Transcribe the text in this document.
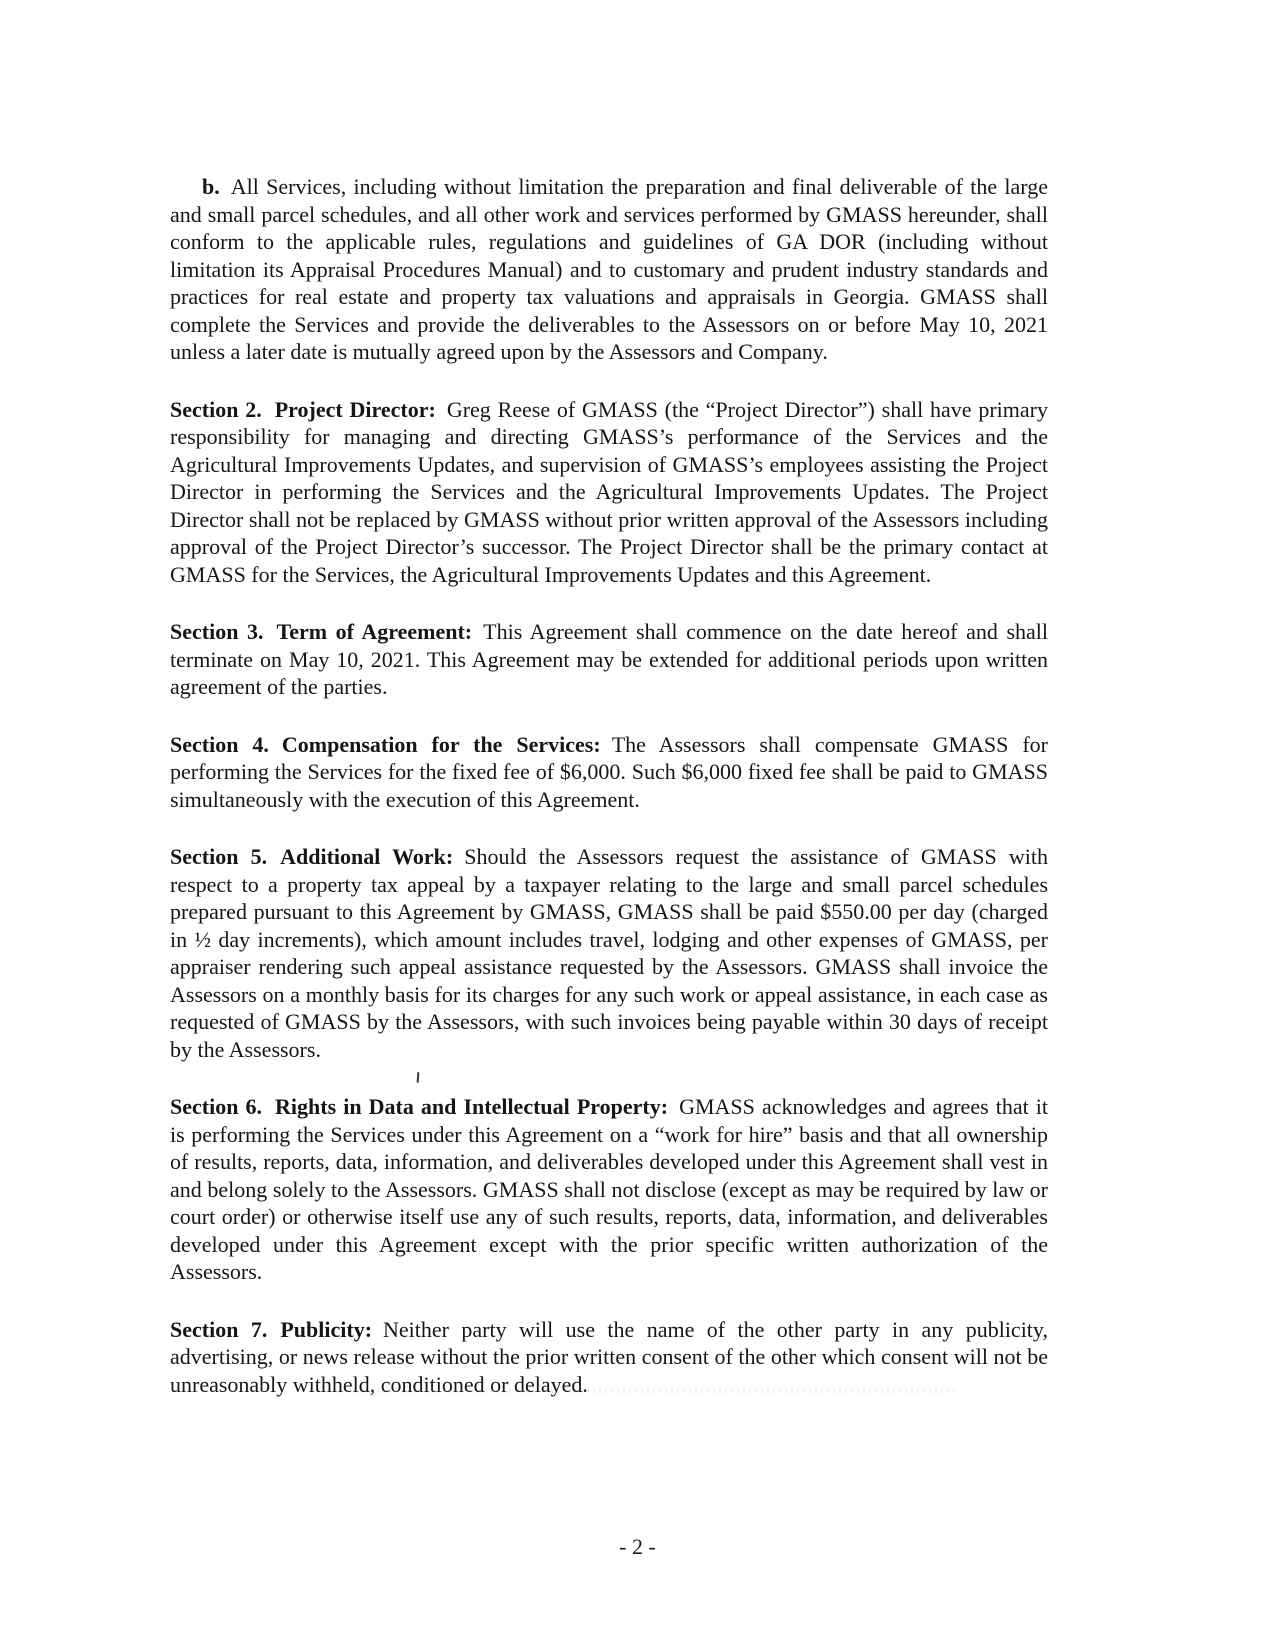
b. All Services, including without limitation the preparation and final deliverable of the large and small parcel schedules, and all other work and services performed by GMASS hereunder, shall conform to the applicable rules, regulations and guidelines of GA DOR (including without limitation its Appraisal Procedures Manual) and to customary and prudent industry standards and practices for real estate and property tax valuations and appraisals in Georgia. GMASS shall complete the Services and provide the deliverables to the Assessors on or before May 10, 2021 unless a later date is mutually agreed upon by the Assessors and Company.

Section 2. Project Director: Greg Reese of GMASS (the “Project Director”) shall have primary responsibility for managing and directing GMASS’s performance of the Services and the Agricultural Improvements Updates, and supervision of GMASS’s employees assisting the Project Director in performing the Services and the Agricultural Improvements Updates. The Project Director shall not be replaced by GMASS without prior written approval of the Assessors including approval of the Project Director’s successor. The Project Director shall be the primary contact at GMASS for the Services, the Agricultural Improvements Updates and this Agreement.

Section 3. Term of Agreement: This Agreement shall commence on the date hereof and shall terminate on May 10, 2021. This Agreement may be extended for additional periods upon written agreement of the parties.

Section 4. Compensation for the Services: The Assessors shall compensate GMASS for performing the Services for the fixed fee of $6,000. Such $6,000 fixed fee shall be paid to GMASS simultaneously with the execution of this Agreement.

Section 5. Additional Work: Should the Assessors request the assistance of GMASS with respect to a property tax appeal by a taxpayer relating to the large and small parcel schedules prepared pursuant to this Agreement by GMASS, GMASS shall be paid $550.00 per day (charged in ½ day increments), which amount includes travel, lodging and other expenses of GMASS, per appraiser rendering such appeal assistance requested by the Assessors. GMASS shall invoice the Assessors on a monthly basis for its charges for any such work or appeal assistance, in each case as requested of GMASS by the Assessors, with such invoices being payable within 30 days of receipt by the Assessors.

Section 6. Rights in Data and Intellectual Property: GMASS acknowledges and agrees that it is performing the Services under this Agreement on a “work for hire” basis and that all ownership of results, reports, data, information, and deliverables developed under this Agreement shall vest in and belong solely to the Assessors. GMASS shall not disclose (except as may be required by law or court order) or otherwise itself use any of such results, reports, data, information, and deliverables developed under this Agreement except with the prior specific written authorization of the Assessors.

Section 7. Publicity: Neither party will use the name of the other party in any publicity, advertising, or news release without the prior written consent of the other which consent will not be unreasonably withheld, conditioned or delayed.

- 2 -
